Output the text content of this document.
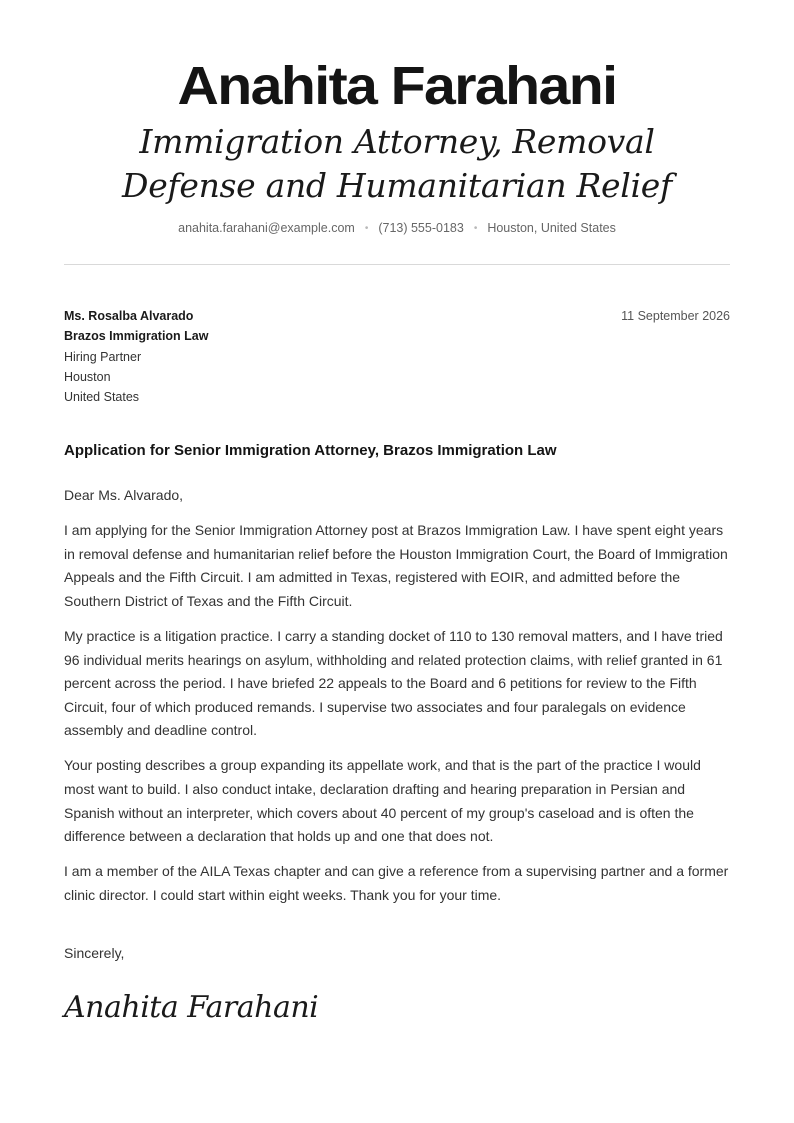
Anahita Farahani
Immigration Attorney, Removal Defense and Humanitarian Relief
anahita.farahani@example.com • (713) 555-0183 • Houston, United States
Ms. Rosalba Alvarado
Brazos Immigration Law
Hiring Partner
Houston
United States
11 September 2026
Application for Senior Immigration Attorney, Brazos Immigration Law

Dear Ms. Alvarado,

I am applying for the Senior Immigration Attorney post at Brazos Immigration Law. I have spent eight years in removal defense and humanitarian relief before the Houston Immigration Court, the Board of Immigration Appeals and the Fifth Circuit. I am admitted in Texas, registered with EOIR, and admitted before the Southern District of Texas and the Fifth Circuit.

My practice is a litigation practice. I carry a standing docket of 110 to 130 removal matters, and I have tried 96 individual merits hearings on asylum, withholding and related protection claims, with relief granted in 61 percent across the period. I have briefed 22 appeals to the Board and 6 petitions for review to the Fifth Circuit, four of which produced remands. I supervise two associates and four paralegals on evidence assembly and deadline control.

Your posting describes a group expanding its appellate work, and that is the part of the practice I would most want to build. I also conduct intake, declaration drafting and hearing preparation in Persian and Spanish without an interpreter, which covers about 40 percent of my group's caseload and is often the difference between a declaration that holds up and one that does not.

I am a member of the AILA Texas chapter and can give a reference from a supervising partner and a former clinic director. I could start within eight weeks. Thank you for your time.

Sincerely,
Anahita Farahani
